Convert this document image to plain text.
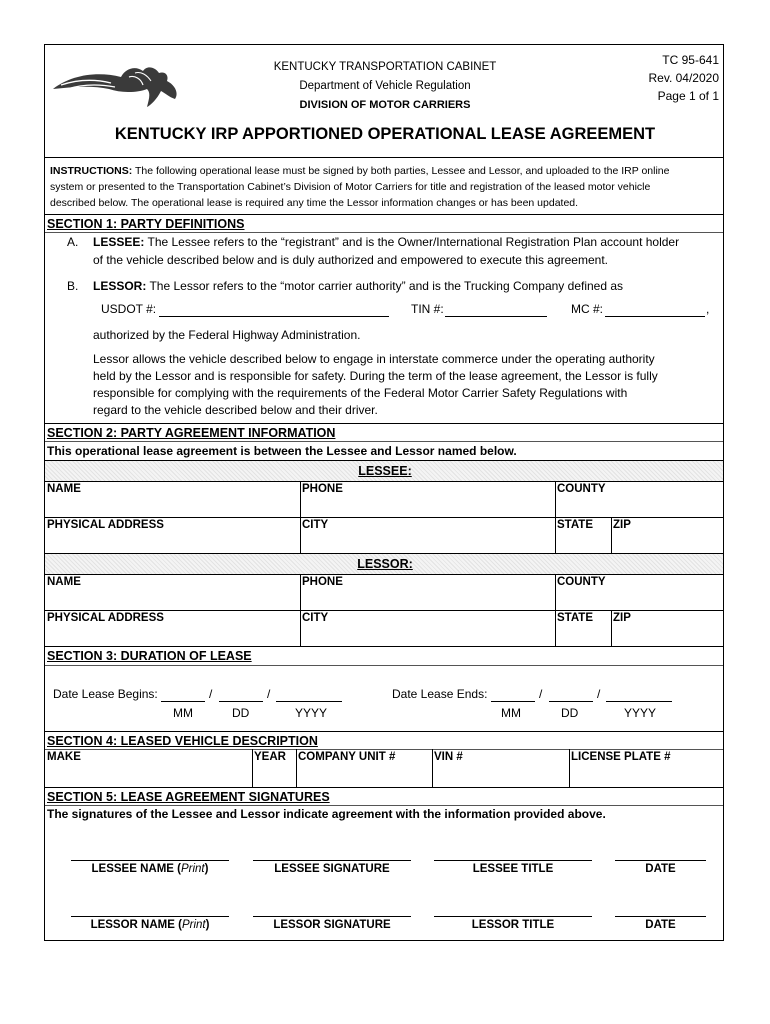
KENTUCKY TRANSPORTATION CABINET
Department of Vehicle Regulation
DIVISION OF MOTOR CARRIERS
TC 95-641
Rev. 04/2020
Page 1 of 1
KENTUCKY IRP APPORTIONED OPERATIONAL LEASE AGREEMENT
INSTRUCTIONS: The following operational lease must be signed by both parties, Lessee and Lessor, and uploaded to the IRP online
system or presented to the Transportation Cabinet’s Division of Motor Carriers for title and registration of the leased motor vehicle
described below. The operational lease is required any time the Lessor information changes or has been updated.
SECTION 1: PARTY DEFINITIONS
A. LESSEE: The Lessee refers to the “registrant” and is the Owner/International Registration Plan account holder
of the vehicle described below and is duly authorized and empowered to execute this agreement.
B. LESSOR: The Lessor refers to the “motor carrier authority” and is the Trucking Company defined as
USDOT #:	TIN #:	MC #:	,
authorized by the Federal Highway Administration.
Lessor allows the vehicle described below to engage in interstate commerce under the operating authority
held by the Lessor and is responsible for safety. During the term of the lease agreement, the Lessor is fully
responsible for complying with the requirements of the Federal Motor Carrier Safety Regulations with
regard to the vehicle described below and their driver.
SECTION 2: PARTY AGREEMENT INFORMATION
This operational lease agreement is between the Lessee and Lessor named below.
LESSEE:
NAME	PHONE	COUNTY
PHYSICAL ADDRESS	CITY	STATE ZIP
LESSOR:
NAME	PHONE	COUNTY
PHYSICAL ADDRESS	CITY	STATE ZIP
SECTION 3: DURATION OF LEASE
Date Lease Begins:	/	/
MM	DD	YYYY
Date Lease Ends:	/	/
MM	DD	YYYY
SECTION 4: LEASED VEHICLE DESCRIPTION
MAKE	YEAR COMPANY UNIT #	VIN #	LICENSE PLATE #
SECTION 5: LEASE AGREEMENT SIGNATURES
The signatures of the Lessee and Lessor indicate agreement with the information provided above.
LESSEE NAME (Print)	LESSEE SIGNATURE	LESSEE TITLE	DATE
LESSOR NAME (Print)	LESSOR SIGNATURE	LESSOR TITLE	DATE
